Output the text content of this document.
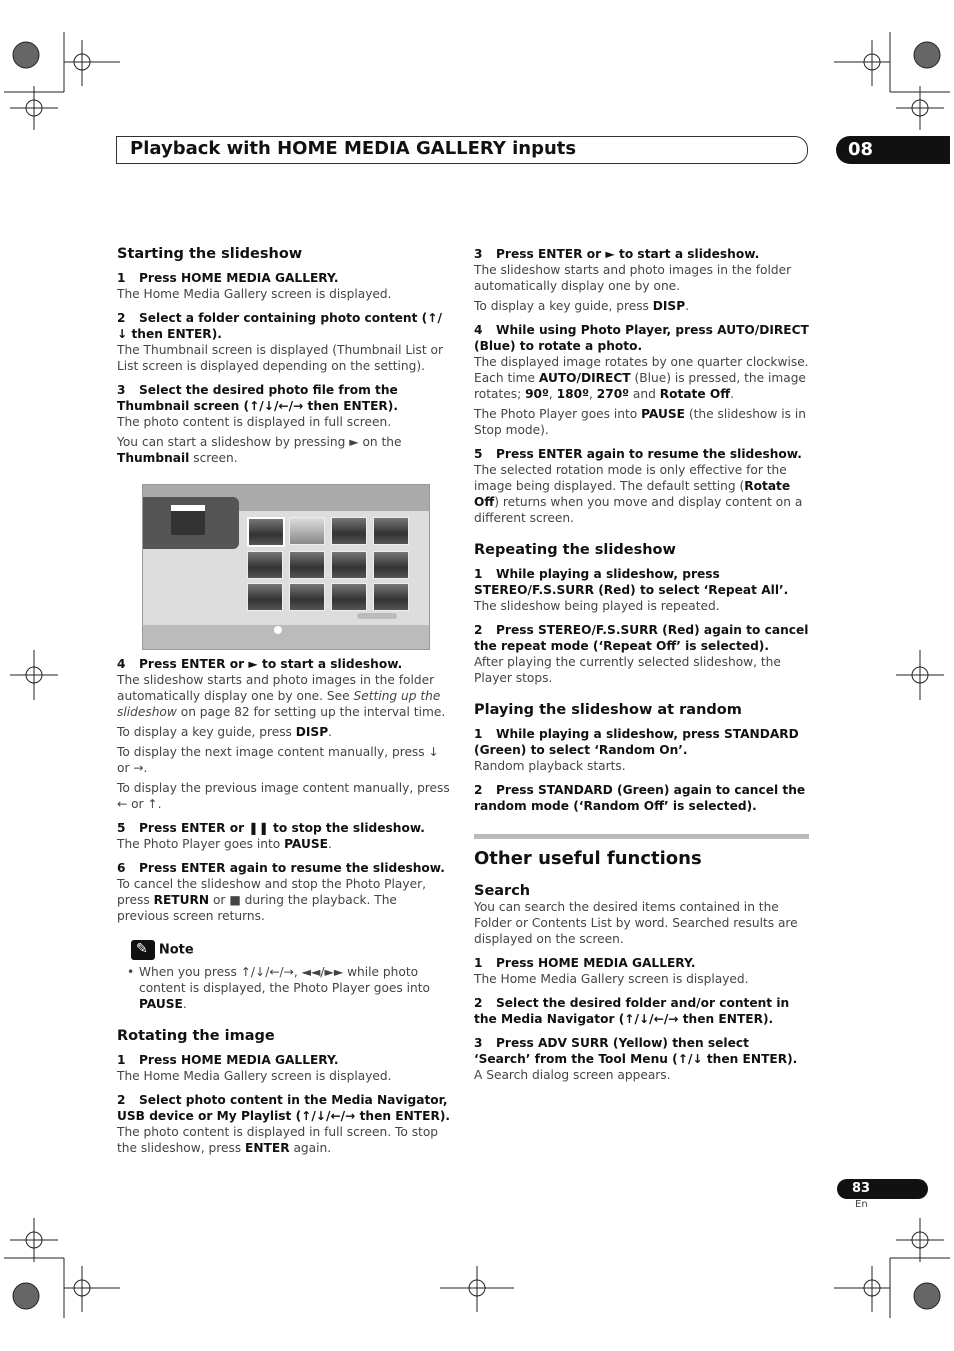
Playback with HOME MEDIA GALLERY inputs	08

Starting the slideshow

1 Press HOME MEDIA GALLERY.

The Home Media Gallery screen is displayed.

2 Select a folder containing photo content (↑/↓ then ENTER).

The Thumbnail screen is displayed (Thumbnail List or List screen is displayed depending on the setting).

3 Select the desired photo file from the Thumbnail screen (↑/↓/←/→ then ENTER).

The photo content is displayed in full screen.

You can start a slideshow by pressing ► on the Thumbnail screen.

4 Press ENTER or ► to start a slideshow.

The slideshow starts and photo images in the folder automatically display one by one. See Setting up the slideshow on page 82 for setting up the interval time.

To display a key guide, press DISP.

To display the next image content manually, press ↓ or →.

To display the previous image content manually, press ← or ↑.

5 Press ENTER or ❚❚ to stop the slideshow.

The Photo Player goes into PAUSE.

6 Press ENTER again to resume the slideshow.

To cancel the slideshow and stop the Photo Player, press RETURN or ■ during the playback. The previous screen returns.

✎ Note

• When you press ↑/↓/←/→, ◄◄/►► while photo content is displayed, the Photo Player goes into PAUSE.

Rotating the image

1 Press HOME MEDIA GALLERY.

The Home Media Gallery screen is displayed.

2 Select photo content in the Media Navigator, USB device or My Playlist (↑/↓/←/→ then ENTER).

The photo content is displayed in full screen. To stop the slideshow, press ENTER again.

3 Press ENTER or ► to start a slideshow.

The slideshow starts and photo images in the folder automatically display one by one.

To display a key guide, press DISP.

4 While using Photo Player, press AUTO/DIRECT (Blue) to rotate a photo.

The displayed image rotates by one quarter clockwise. Each time AUTO/DIRECT (Blue) is pressed, the image rotates; 90º, 180º, 270º and Rotate Off.

The Photo Player goes into PAUSE (the slideshow is in Stop mode).

5 Press ENTER again to resume the slideshow.

The selected rotation mode is only effective for the image being displayed. The default setting (Rotate Off) returns when you move and display content on a different screen.

Repeating the slideshow

1 While playing a slideshow, press STEREO/F.S.SURR (Red) to select ‘Repeat All’.

The slideshow being played is repeated.

2 Press STEREO/F.S.SURR (Red) again to cancel the repeat mode (‘Repeat Off’ is selected).

After playing the currently selected slideshow, the Player stops.

Playing the slideshow at random

1 While playing a slideshow, press STANDARD (Green) to select ‘Random On’.

Random playback starts.

2 Press STANDARD (Green) again to cancel the random mode (‘Random Off’ is selected).

Other useful functions

Search

You can search the desired items contained in the Folder or Contents List by word. Searched results are displayed on the screen.

1 Press HOME MEDIA GALLERY.

The Home Media Gallery screen is displayed.

2 Select the desired folder and/or content in the Media Navigator (↑/↓/←/→ then ENTER).

3 Press ADV SURR (Yellow) then select ‘Search’ from the Tool Menu (↑/↓ then ENTER).

A Search dialog screen appears.

83
En
